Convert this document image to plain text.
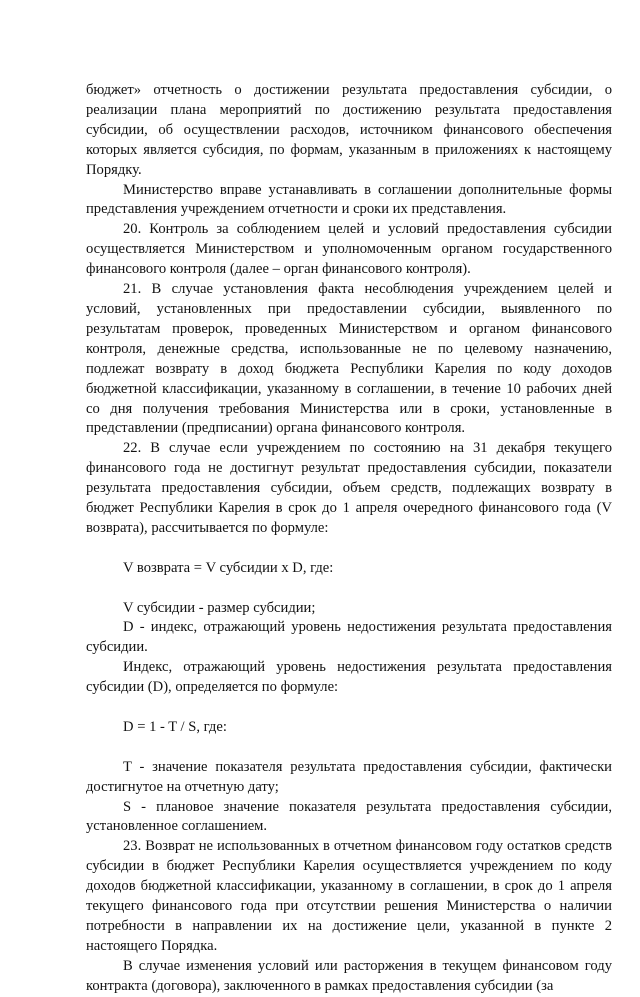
бюджет» отчетность о достижении результата предоставления субсидии, о реализации плана мероприятий по достижению результата предоставления субсидии, об осуществлении расходов, источником финансового обеспечения которых является субсидия, по формам, указанным в приложениях к настоящему Порядку.

Министерство вправе устанавливать в соглашении дополнительные формы представления учреждением отчетности и сроки их представления.

20. Контроль за соблюдением целей и условий предоставления субсидии осуществляется Министерством и уполномоченным органом государственного финансового контроля (далее – орган финансового контроля).

21. В случае установления факта несоблюдения учреждением целей и условий, установленных при предоставлении субсидии, выявленного по результатам проверок, проведенных Министерством и органом финансового контроля, денежные средства, использованные не по целевому назначению, подлежат возврату в доход бюджета Республики Карелия по коду доходов бюджетной классификации, указанному в соглашении, в течение 10 рабочих дней со дня получения требования Министерства или в сроки, установленные в представлении (предписании) органа финансового контроля.

22. В случае если учреждением по состоянию на 31 декабря текущего финансового года не достигнут результат предоставления субсидии, показатели результата предоставления субсидии, объем средств, подлежащих возврату в бюджет Республики Карелия в срок до 1 апреля очередного финансового года (V возврата), рассчитывается по формуле:

V возврата = V субсидии x D, где:

V субсидии - размер субсидии;

D - индекс, отражающий уровень недостижения результата предоставления субсидии.

Индекс, отражающий уровень недостижения результата предоставления субсидии (D), определяется по формуле:

D = 1 - T / S, где:

T - значение показателя результата предоставления субсидии, фактически достигнутое на отчетную дату;

S - плановое значение показателя результата предоставления субсидии, установленное соглашением.

23. Возврат не использованных в отчетном финансовом году остатков средств субсидии в бюджет Республики Карелия осуществляется учреждением по коду доходов бюджетной классификации, указанному в соглашении, в срок до 1 апреля текущего финансового года при отсутствии решения Министерства о наличии потребности в направлении их на достижение цели, указанной в пункте 2 настоящего Порядка.

В случае изменения условий или расторжения в текущем финансовом году контракта (договора), заключенного в рамках предоставления субсидии (за
